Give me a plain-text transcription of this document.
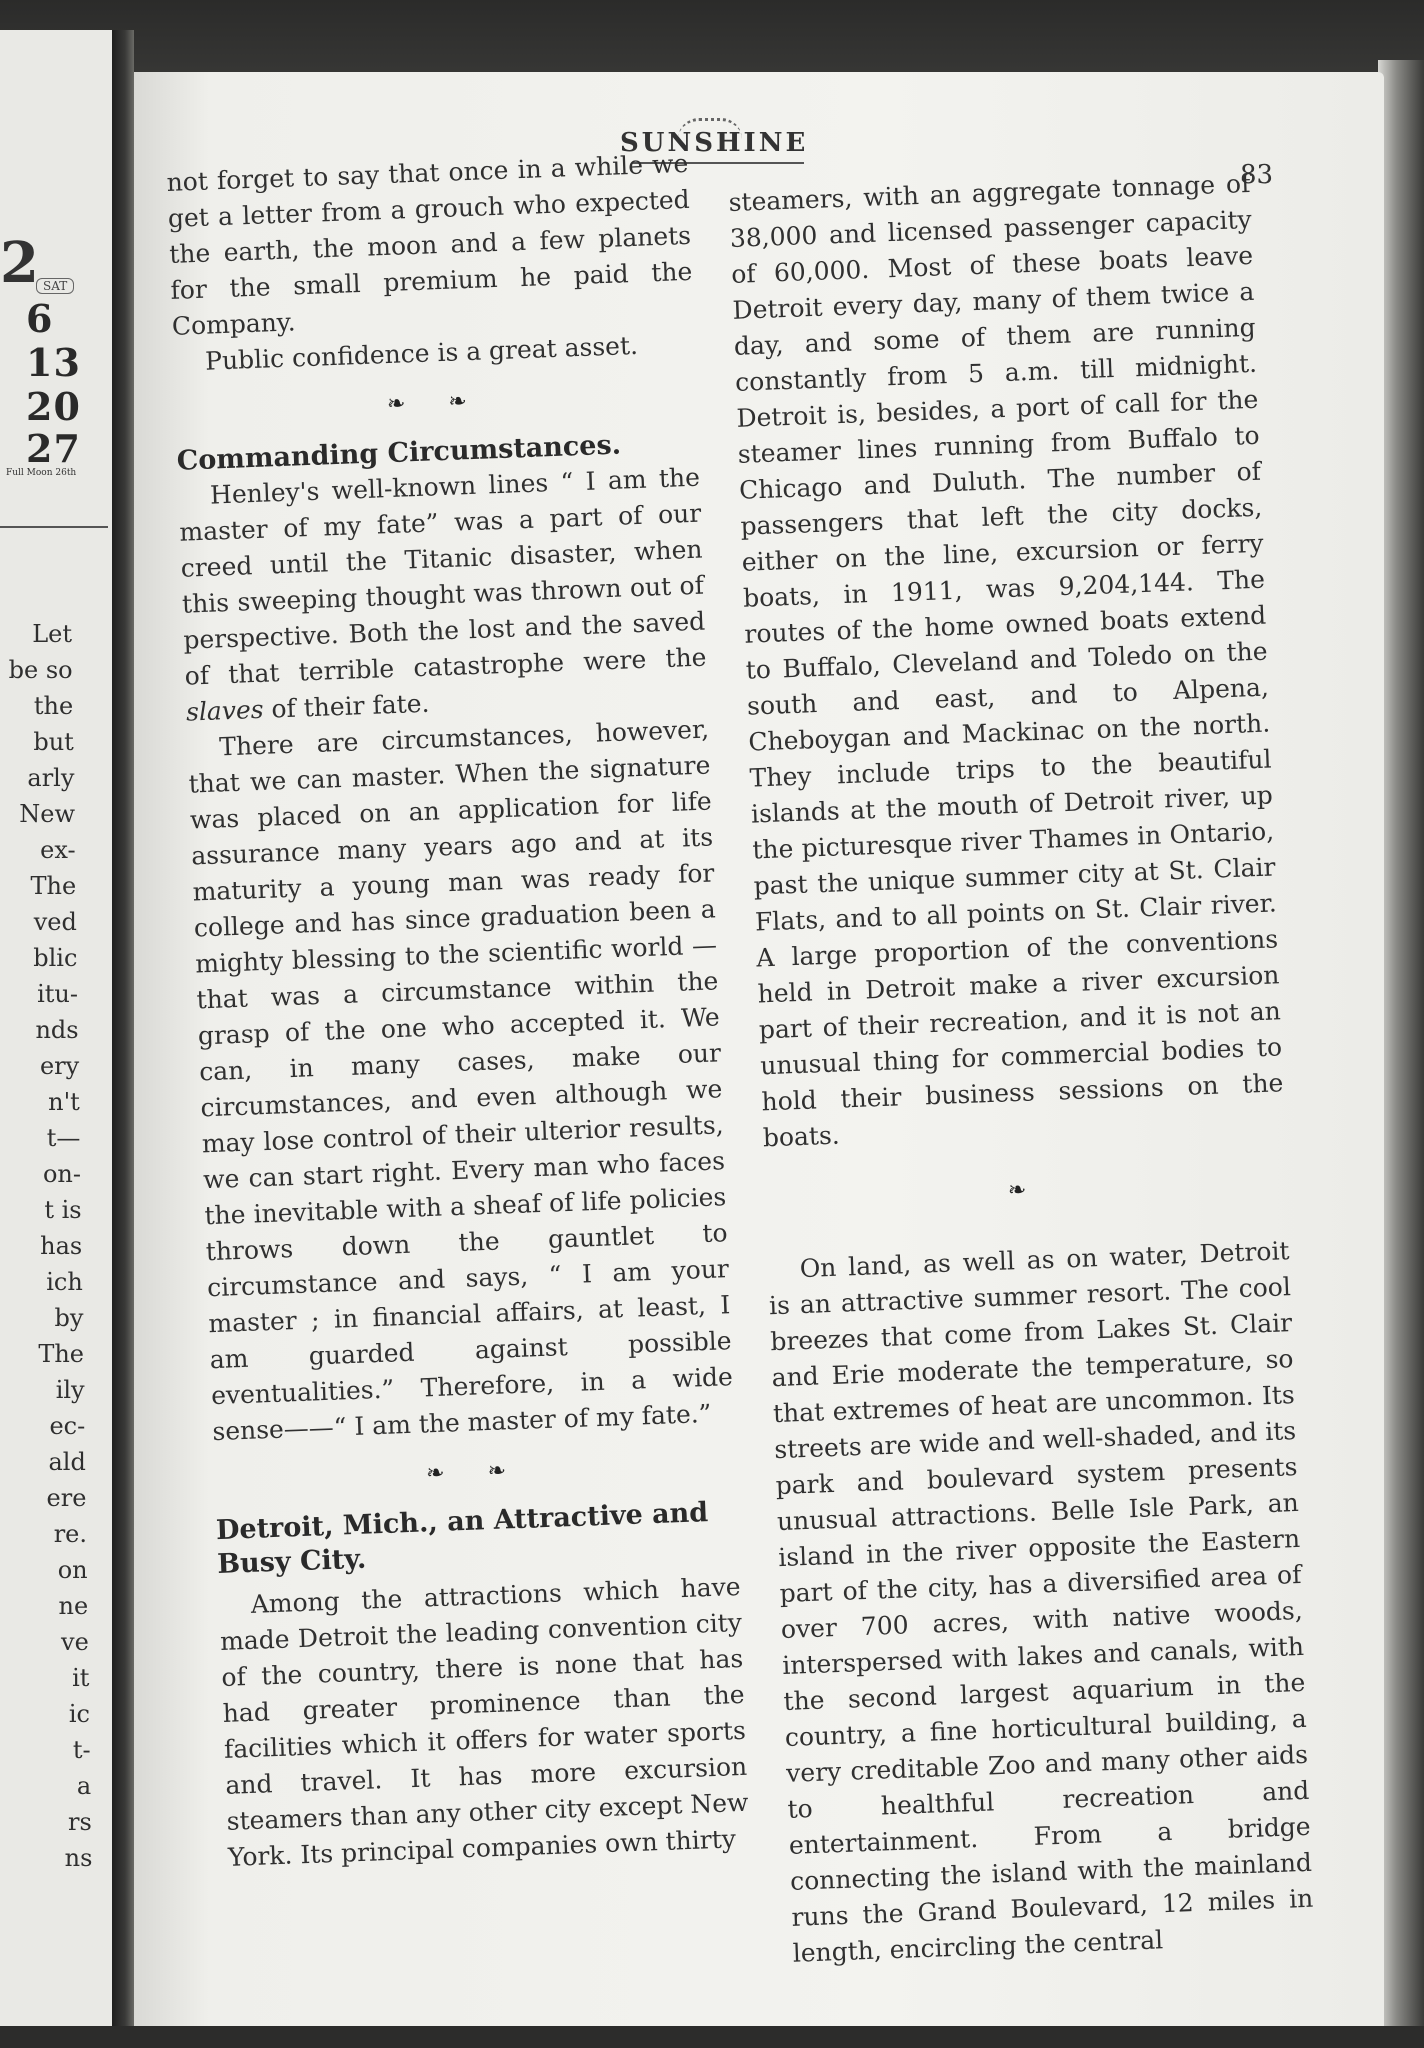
2 SAT
6
13
20
27
Full Moon 26th
Let
be so
the
but
arly
New
ex-
The
ved
blic
itu-
nds
ery
n't
t—
on-
t is
has
ich
by
The
ily
ec-
ald
ere
re.
on
ne
ve
it
ic
t-
a
rs
ns
SUNSHINE
83

not forget to say that once in a while we get a letter from a grouch who expected the earth, the moon and a few planets for the small premium he paid the Company.

Public confidence is a great asset.

❧ ❧
Commanding Circumstances.

Henley's well-known lines “ I am the master of my fate” was a part of our creed until the Titanic disaster, when this sweeping thought was thrown out of perspective. Both the lost and the saved of that terrible catastrophe were the slaves of their fate.

There are circumstances, however, that we can master. When the signature was placed on an application for life assurance many years ago and at its maturity a young man was ready for college and has since graduation been a mighty blessing to the scientific world — that was a circumstance within the grasp of the one who accepted it. We can, in many cases, make our circumstances, and even although we may lose control of their ulterior results, we can start right. Every man who faces the inevitable with a sheaf of life policies throws down the gauntlet to circumstance and says, “ I am your master ; in financial affairs, at least, I am guarded against possible eventualities.” Therefore, in a wide sense——“ I am the master of my fate.”

❧ ❧
Detroit, Mich., an Attractive and Busy City.

Among the attractions which have made Detroit the leading convention city of the country, there is none that has had greater prominence than the facilities which it offers for water sports and travel. It has more excursion steamers than any other city except New York. Its principal companies own thirty

steamers, with an aggregate tonnage of 38,000 and licensed passenger capacity of 60,000. Most of these boats leave Detroit every day, many of them twice a day, and some of them are running constantly from 5 a.m. till midnight. Detroit is, besides, a port of call for the steamer lines running from Buffalo to Chicago and Duluth. The number of passengers that left the city docks, either on the line, excursion or ferry boats, in 1911, was 9,204,144. The routes of the home owned boats extend to Buffalo, Cleveland and Toledo on the south and east, and to Alpena, Cheboygan and Mackinac on the north. They include trips to the beautiful islands at the mouth of Detroit river, up the picturesque river Thames in Ontario, past the unique summer city at St. Clair Flats, and to all points on St. Clair river. A large proportion of the conventions held in Detroit make a river excursion part of their recreation, and it is not an unusual thing for commercial bodies to hold their business sessions on the boats.

❧

On land, as well as on water, Detroit is an attractive summer resort. The cool breezes that come from Lakes St. Clair and Erie moderate the temperature, so that extremes of heat are uncommon. Its streets are wide and well-shaded, and its park and boulevard system presents unusual attractions. Belle Isle Park, an island in the river opposite the Eastern part of the city, has a diversified area of over 700 acres, with native woods, interspersed with lakes and canals, with the second largest aquarium in the country, a fine horticultural building, a very creditable Zoo and many other aids to healthful recreation and entertainment. From a bridge connecting the island with the mainland runs the Grand Boulevard, 12 miles in length, encircling the central
